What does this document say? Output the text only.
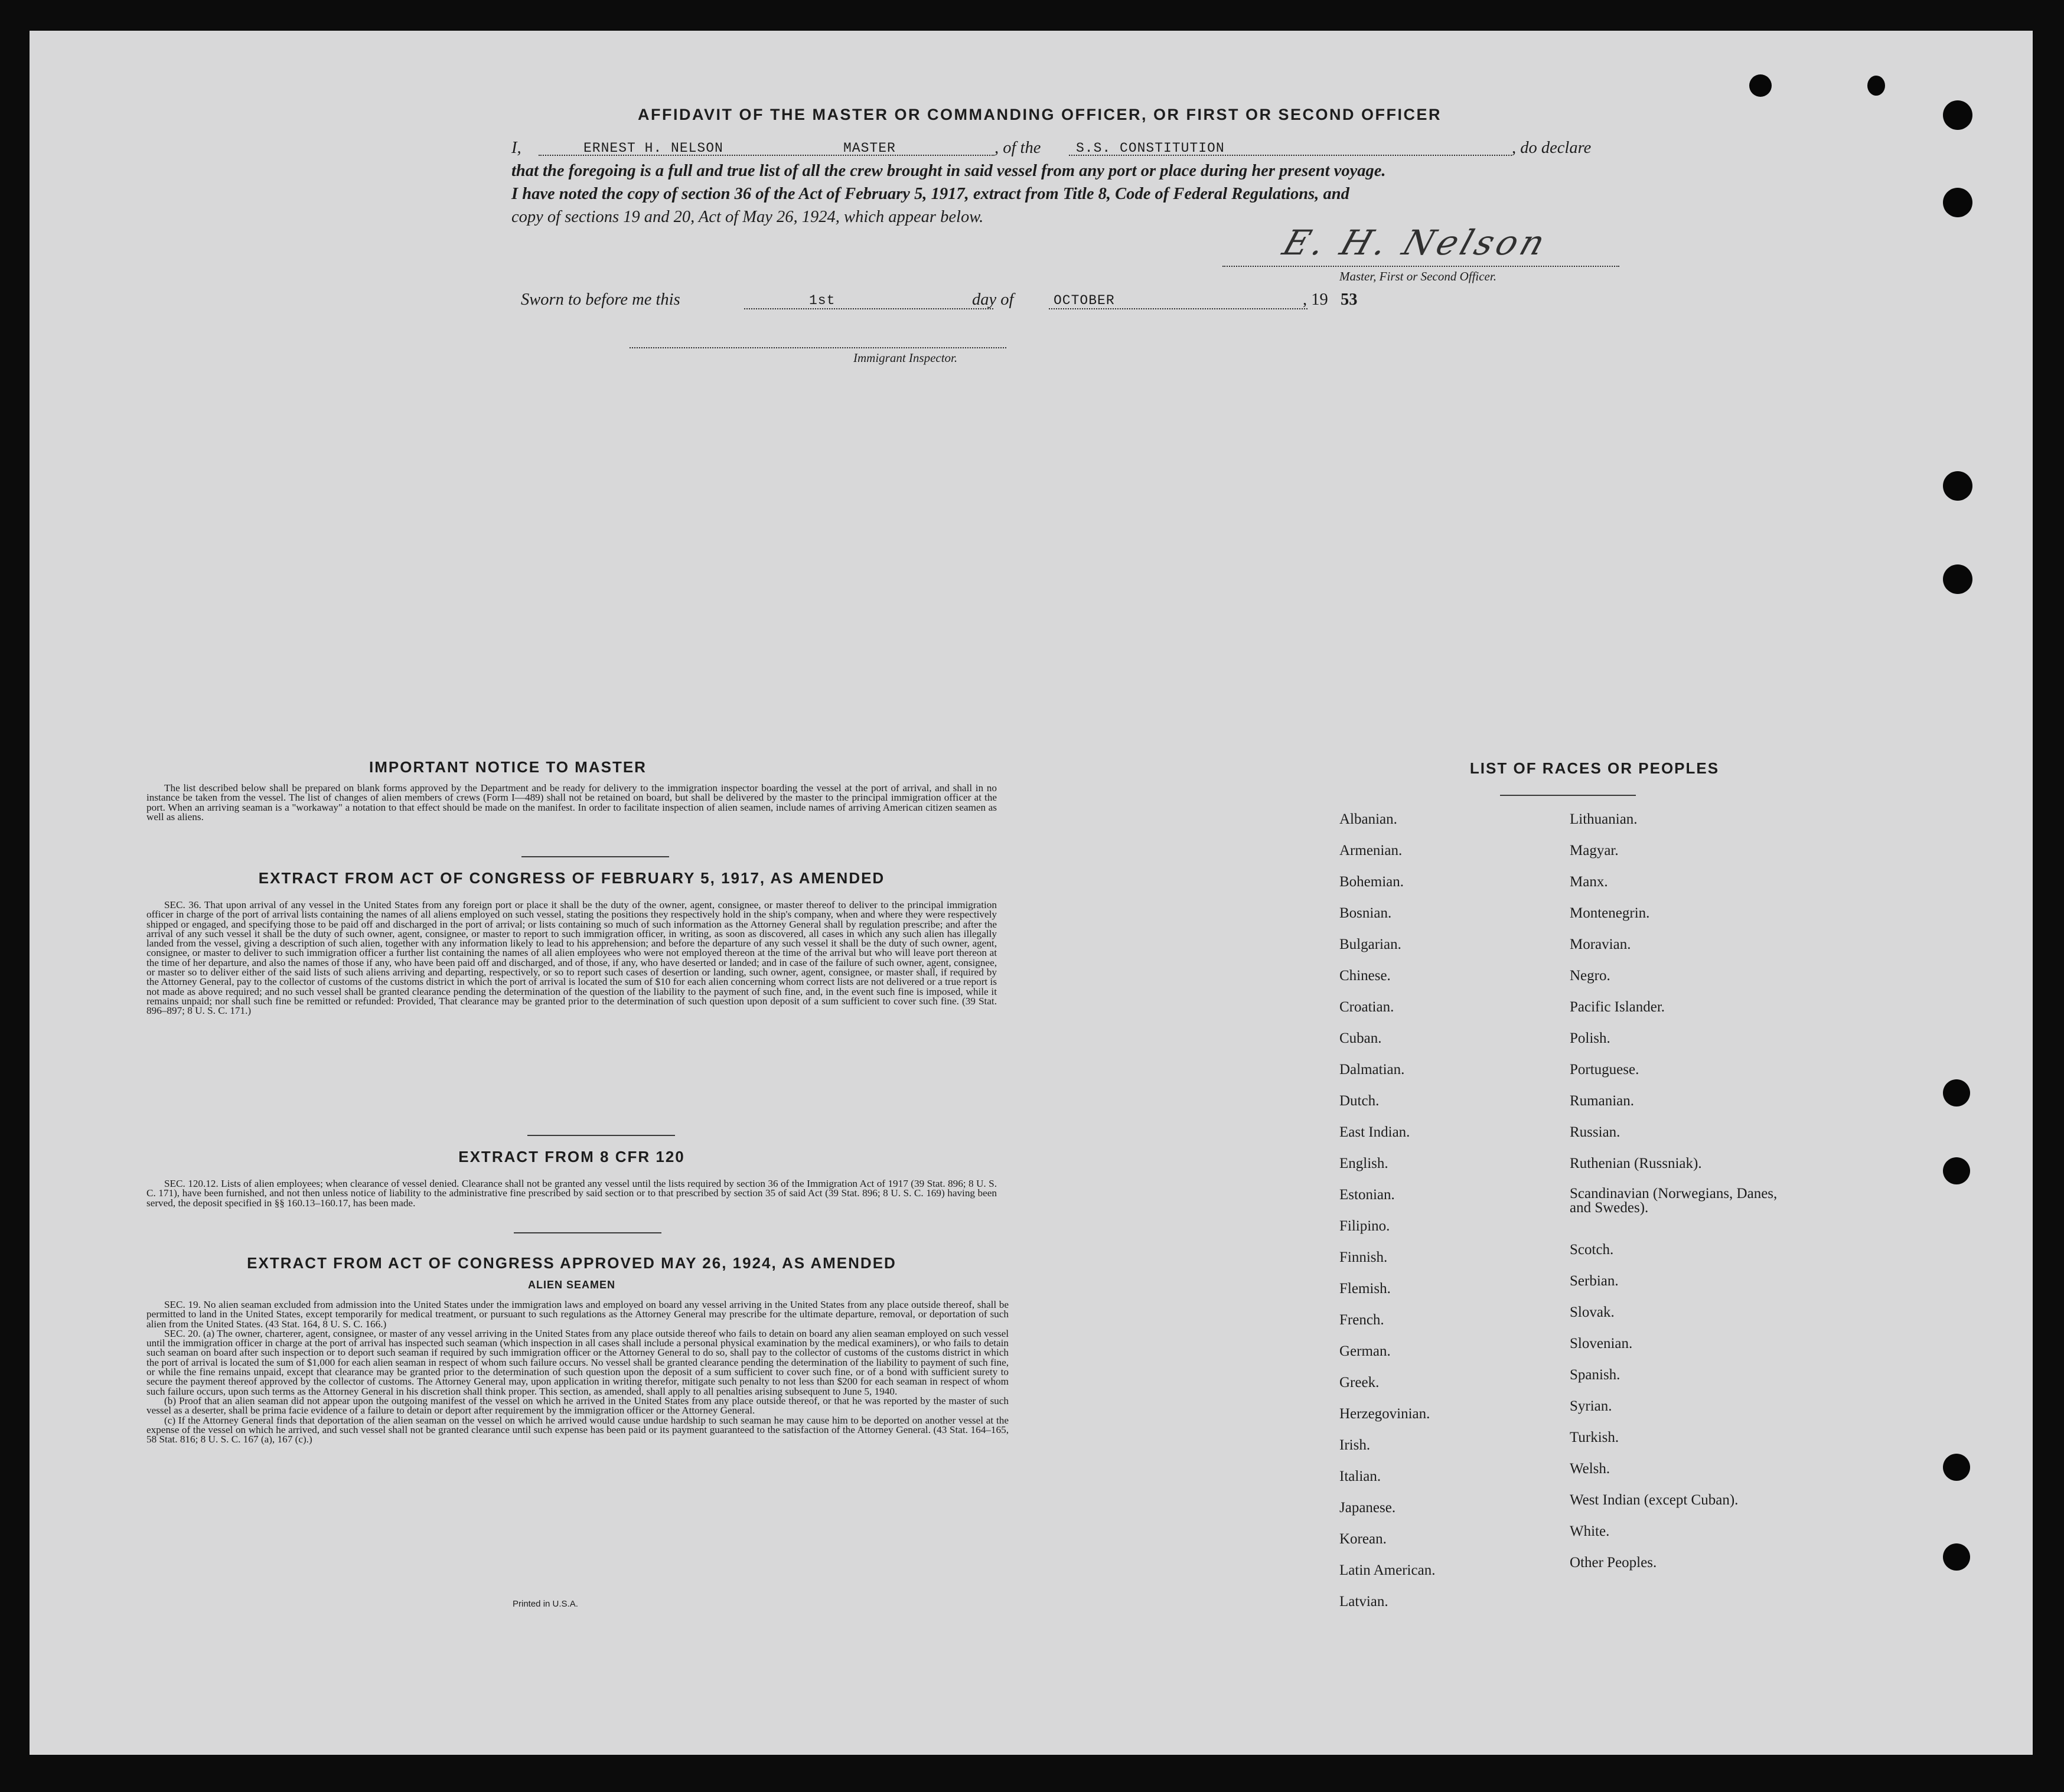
AFFIDAVIT OF THE MASTER OR COMMANDING OFFICER, OR FIRST OR SECOND OFFICER
I,	ERNEST H. NELSON	MASTER	, of the	S.S. CONSTITUTION	, do declare
that the foregoing is a full and true list of all the crew brought in said vessel from any port or place during her present voyage.
I have noted the copy of section 36 of the Act of February 5, 1917, extract from Title 8, Code of Federal Regulations, and
copy of sections 19 and 20, Act of May 26, 1924, which appear below.
E. H. Nelson
Master, First or Second Officer.
Sworn to before me this	1st	day of	OCTOBER	, 19 53
Immigrant Inspector.
IMPORTANT NOTICE TO MASTER

The list described below shall be prepared on blank forms approved by the Department and be ready for delivery to the immigration inspector boarding the vessel at the port of arrival, and shall in no instance be taken from the vessel. The list of changes of alien members of crews (Form I—489) shall not be retained on board, but shall be delivered by the master to the principal immigration officer at the port. When an arriving seaman is a "workaway" a notation to that effect should be made on the manifest. In order to facilitate inspection of alien seamen, include names of arriving American citizen seamen as well as aliens.

EXTRACT FROM ACT OF CONGRESS OF FEBRUARY 5, 1917, AS AMENDED

SEC. 36. That upon arrival of any vessel in the United States from any foreign port or place it shall be the duty of the owner, agent, consignee, or master thereof to deliver to the principal immigration officer in charge of the port of arrival lists containing the names of all aliens employed on such vessel, stating the positions they respectively hold in the ship's company, when and where they were respectively shipped or engaged, and specifying those to be paid off and discharged in the port of arrival; or lists containing so much of such information as the Attorney General shall by regulation prescribe; and after the arrival of any such vessel it shall be the duty of such owner, agent, consignee, or master to report to such immigration officer, in writing, as soon as discovered, all cases in which any such alien has illegally landed from the vessel, giving a description of such alien, together with any information likely to lead to his apprehension; and before the departure of any such vessel it shall be the duty of such owner, agent, consignee, or master to deliver to such immigration officer a further list containing the names of all alien employees who were not employed thereon at the time of the arrival but who will leave port thereon at the time of her departure, and also the names of those if any, who have been paid off and discharged, and of those, if any, who have deserted or landed; and in case of the failure of such owner, agent, consignee, or master so to deliver either of the said lists of such aliens arriving and departing, respectively, or so to report such cases of desertion or landing, such owner, agent, consignee, or master shall, if required by the Attorney General, pay to the collector of customs of the customs district in which the port of arrival is located the sum of $10 for each alien concerning whom correct lists are not delivered or a true report is not made as above required; and no such vessel shall be granted clearance pending the determination of the question of the liability to the payment of such fine, and, in the event such fine is imposed, while it remains unpaid; nor shall such fine be remitted or refunded: Provided, That clearance may be granted prior to the determination of such question upon deposit of a sum sufficient to cover such fine. (39 Stat. 896–897; 8 U. S. C. 171.)

EXTRACT FROM 8 CFR 120

SEC. 120.12. Lists of alien employees; when clearance of vessel denied. Clearance shall not be granted any vessel until the lists required by section 36 of the Immigration Act of 1917 (39 Stat. 896; 8 U. S. C. 171), have been furnished, and not then unless notice of liability to the administrative fine prescribed by said section or to that prescribed by section 35 of said Act (39 Stat. 896; 8 U. S. C. 169) having been served, the deposit specified in §§ 160.13–160.17, has been made.

EXTRACT FROM ACT OF CONGRESS APPROVED MAY 26, 1924, AS AMENDED
ALIEN SEAMEN

SEC. 19. No alien seaman excluded from admission into the United States under the immigration laws and employed on board any vessel arriving in the United States from any place outside thereof, shall be permitted to land in the United States, except temporarily for medical treatment, or pursuant to such regulations as the Attorney General may prescribe for the ultimate departure, removal, or deportation of such alien from the United States. (43 Stat. 164, 8 U. S. C. 166.)

SEC. 20. (a) The owner, charterer, agent, consignee, or master of any vessel arriving in the United States from any place outside thereof who fails to detain on board any alien seaman employed on such vessel until the immigration officer in charge at the port of arrival has inspected such seaman (which inspection in all cases shall include a personal physical examination by the medical examiners), or who fails to detain such seaman on board after such inspection or to deport such seaman if required by such immigration officer or the Attorney General to do so, shall pay to the collector of customs of the customs district in which the port of arrival is located the sum of $1,000 for each alien seaman in respect of whom such failure occurs. No vessel shall be granted clearance pending the determination of the liability to payment of such fine, or while the fine remains unpaid, except that clearance may be granted prior to the determination of such question upon the deposit of a sum sufficient to cover such fine, or of a bond with sufficient surety to secure the payment thereof approved by the collector of customs. The Attorney General may, upon application in writing therefor, mitigate such penalty to not less than $200 for each seaman in respect of whom such failure occurs, upon such terms as the Attorney General in his discretion shall think proper. This section, as amended, shall apply to all penalties arising subsequent to June 5, 1940.

(b) Proof that an alien seaman did not appear upon the outgoing manifest of the vessel on which he arrived in the United States from any place outside thereof, or that he was reported by the master of such vessel as a deserter, shall be prima facie evidence of a failure to detain or deport after requirement by the immigration officer or the Attorney General.

(c) If the Attorney General finds that deportation of the alien seaman on the vessel on which he arrived would cause undue hardship to such seaman he may cause him to be deported on another vessel at the expense of the vessel on which he arrived, and such vessel shall not be granted clearance until such expense has been paid or its payment guaranteed to the satisfaction of the Attorney General. (43 Stat. 164–165, 58 Stat. 816; 8 U. S. C. 167 (a), 167 (c).)

Printed in U.S.A.
LIST OF RACES OR PEOPLES
Albanian.
Armenian.
Bohemian.
Bosnian.
Bulgarian.
Chinese.
Croatian.
Cuban.
Dalmatian.
Dutch.
East Indian.
English.
Estonian.
Filipino.
Finnish.
Flemish.
French.
German.
Greek.
Herzegovinian.
Irish.
Italian.
Japanese.
Korean.
Latin American.
Latvian.
Lithuanian.
Magyar.
Manx.
Montenegrin.
Moravian.
Negro.
Pacific Islander.
Polish.
Portuguese.
Rumanian.
Russian.
Ruthenian (Russniak).
Scandinavian (Norwegians, Danes, and Swedes).
Scotch.
Serbian.
Slovak.
Slovenian.
Spanish.
Syrian.
Turkish.
Welsh.
West Indian (except Cuban).
White.
Other Peoples.
